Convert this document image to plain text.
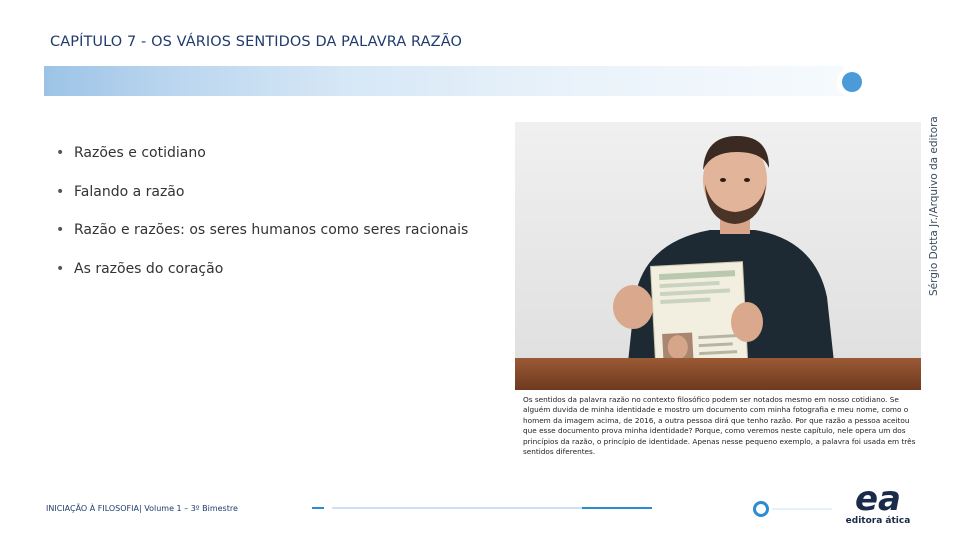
CAPÍTULO 7 - OS VÁRIOS SENTIDOS DA PALAVRA RAZÃO
Sérgio Dotta Jr./Arquivo da editora
• Razões e cotidiano
• Falando a razão
• Razão e razões: os seres humanos como seres racionais
• As razões do coração

Os sentidos da palavra razão no contexto filosófico podem ser notados mesmo em nosso cotidiano. Se alguém duvida de minha identidade e mostro um documento com minha fotografia e meu nome, como o homem da imagem acima, de 2016, a outra pessoa dirá que tenho razão. Por que razão a pessoa aceitou que esse documento prova minha identidade? Porque, como veremos neste capítulo, nele opera um dos princípios da razão, o princípio de identidade. Apenas nesse pequeno exemplo, a palavra foi usada em três sentidos diferentes.

INICIAÇÃO À FILOSOFIA| Volume 1 – 3º Bimestre	ea
editora ática
